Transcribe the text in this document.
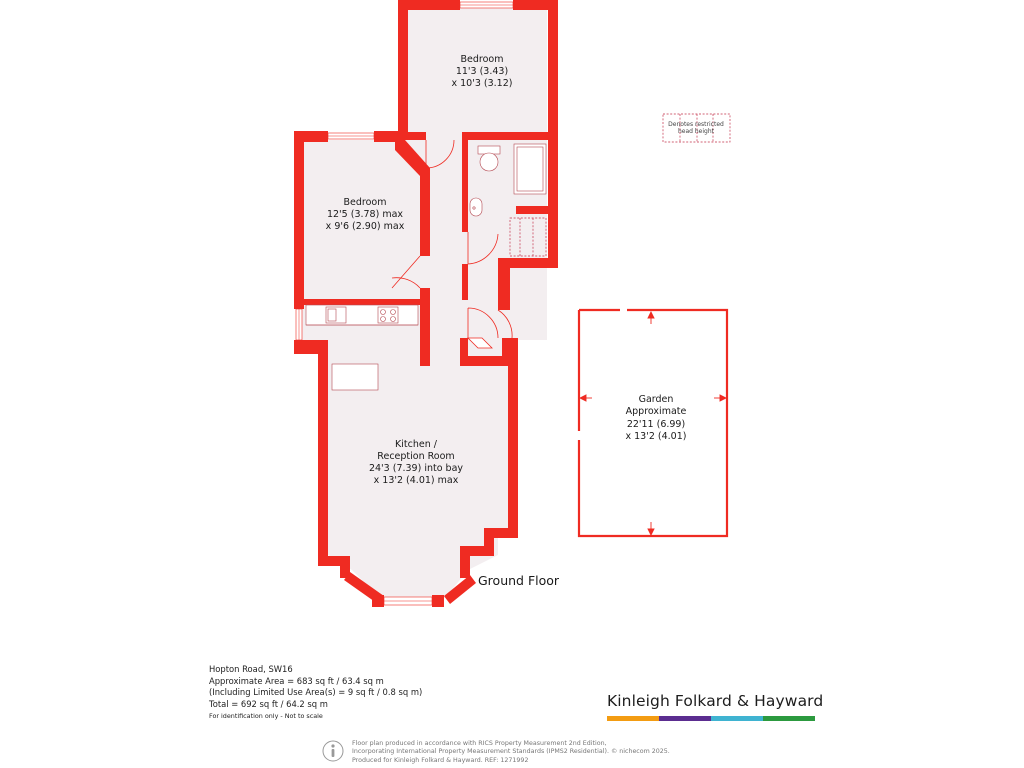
Denotes restricted
head height
Bedroom
11'3 (3.43)
x 10'3 (3.12)
Bedroom
12'5 (3.78) max
x 9'6 (2.90) max
Kitchen /
Reception Room
24'3 (7.39) into bay
x 13'2 (4.01) max
Garden
Approximate
22'11 (6.99)
x 13'2 (4.01)
Ground Floor
Hopton Road, SW16
Approximate Area = 683 sq ft / 63.4 sq m
(Including Limited Use Area(s) = 9 sq ft / 0.8 sq m)
Total = 692 sq ft / 64.2 sq m
For identification only - Not to scale
Kinleigh Folkard & Hayward
Floor plan produced in accordance with RICS Property Measurement 2nd Edition,
Incorporating International Property Measurement Standards (IPMS2 Residential). © nichecom 2025.
Produced for Kinleigh Folkard & Hayward. REF: 1271992
